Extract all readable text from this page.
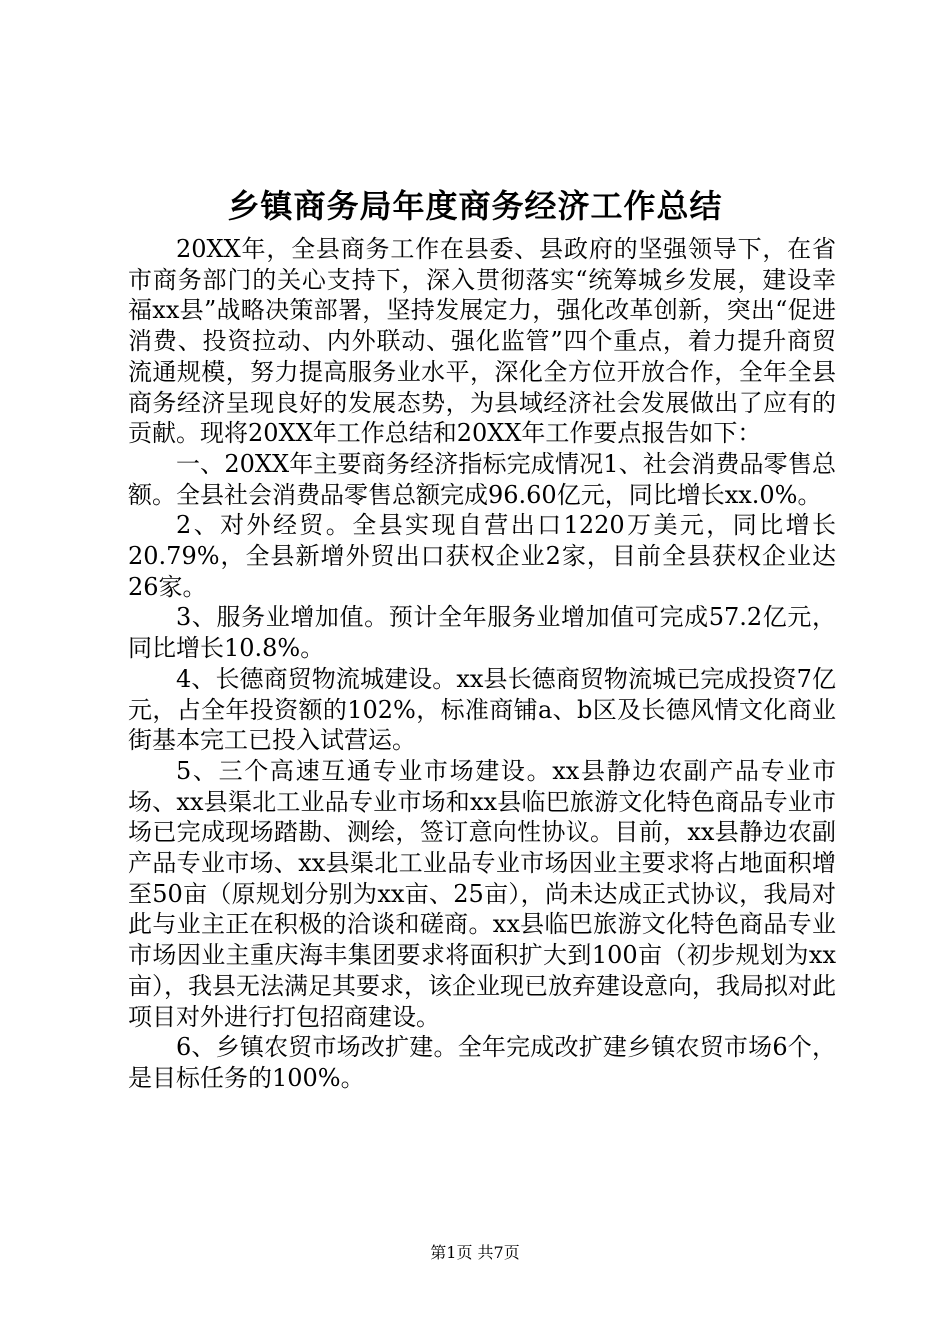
乡镇商务局年度商务经济工作总结

20XX年，全县商务工作在县委、县政府的坚强领导下，在省市商务部门的关心支持下，深入贯彻落实“统筹城乡发展，建设幸福xx县”战略决策部署，坚持发展定力，强化改革创新，突出“促进消费、投资拉动、内外联动、强化监管”四个重点，着力提升商贸流通规模，努力提高服务业水平，深化全方位开放合作，全年全县商务经济呈现良好的发展态势，为县域经济社会发展做出了应有的贡献。现将20XX年工作总结和20XX年工作要点报告如下：

一、20XX年主要商务经济指标完成情况1、社会消费品零售总额。全县社会消费品零售总额完成96.60亿元，同比增长xx.0%。

2、对外经贸。全县实现自营出口1220万美元，同比增长20.79%，全县新增外贸出口获权企业2家，目前全县获权企业达26家。

3、服务业增加值。预计全年服务业增加值可完成57.2亿元，同比增长10.8%。

4、长德商贸物流城建设。xx县长德商贸物流城已完成投资7亿元，占全年投资额的102%，标准商铺a、b区及长德风情文化商业街基本完工已投入试营运。

5、三个高速互通专业市场建设。xx县静边农副产品专业市场、xx县渠北工业品专业市场和xx县临巴旅游文化特色商品专业市场已完成现场踏勘、测绘，签订意向性协议。目前，xx县静边农副产品专业市场、xx县渠北工业品专业市场因业主要求将占地面积增至50亩（原规划分别为xx亩、25亩），尚未达成正式协议，我局对此与业主正在积极的洽谈和磋商。xx县临巴旅游文化特色商品专业市场因业主重庆海丰集团要求将面积扩大到100亩（初步规划为xx亩），我县无法满足其要求，该企业现已放弃建设意向，我局拟对此项目对外进行打包招商建设。

6、乡镇农贸市场改扩建。全年完成改扩建乡镇农贸市场6个，是目标任务的100%。

第1页 共7页
